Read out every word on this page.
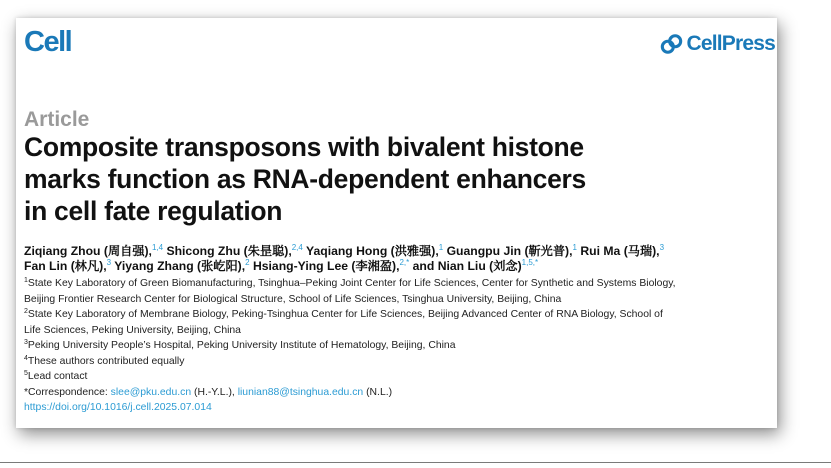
Cell	CellPress
Article
Composite transposons with bivalent histone
marks function as RNA-dependent enhancers
in cell fate regulation
Ziqiang Zhou (周自强),$^{1,4}$ Shicong Zhu (朱昰聪),$^{2,4}$ Yaqiang Hong (洪雅强),$^1$ Guangpu Jin (靳光普),$^1$ Rui Ma (马瑞),$^3$
Fan Lin (林凡),$^3$ Yiyang Zhang (张屹阳),$^2$ Hsiang-Ying Lee (李湘盈),$^{2,*}$ and Nian Liu (刘念)$^{1,5,*}$
$^1$State Key Laboratory of Green Biomanufacturing, Tsinghua–Peking Joint Center for Life Sciences, Center for Synthetic and Systems Biology,
Beijing Frontier Research Center for Biological Structure, School of Life Sciences, Tsinghua University, Beijing, China
$^2$State Key Laboratory of Membrane Biology, Peking-Tsinghua Center for Life Sciences, Beijing Advanced Center of RNA Biology, School of
Life Sciences, Peking University, Beijing, China
$^3$Peking University People’s Hospital, Peking University Institute of Hematology, Beijing, China
$^4$These authors contributed equally
$^5$Lead contact
*Correspondence: slee@pku.edu.cn (H.-Y.L.), liunian88@tsinghua.edu.cn (N.L.)
https://doi.org/10.1016/j.cell.2025.07.014
